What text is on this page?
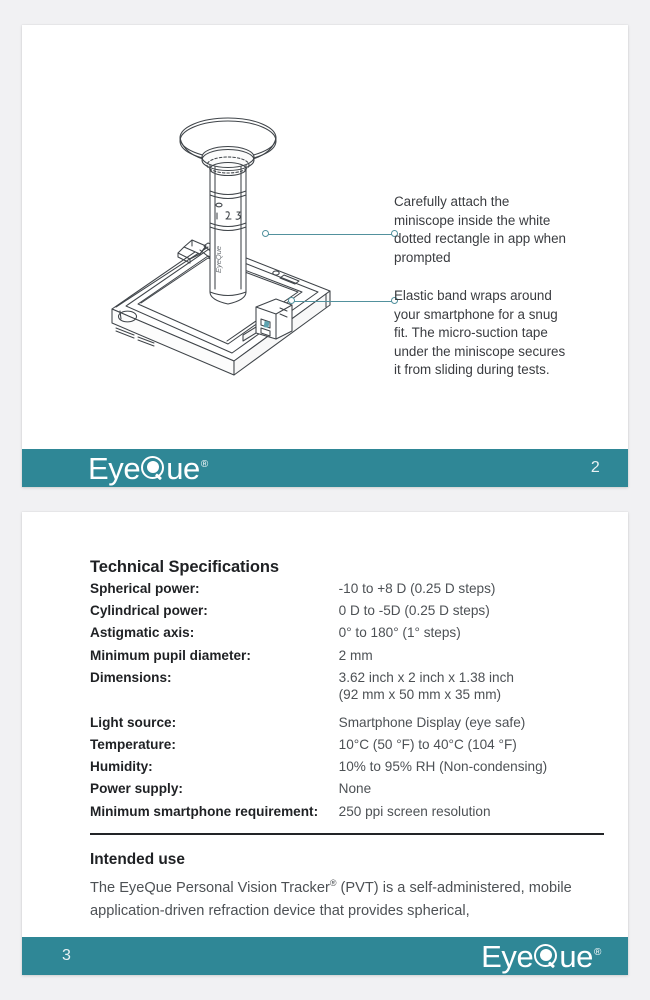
EyeQue
Carefully attach the miniscope inside the white dotted rectangle in app when prompted
Elastic band wraps around your smartphone for a snug fit. The micro-suction tape under the miniscope secures it from sliding during tests.
Eye ue ®	2
Technical Specifications
Spherical power:	-10 to +8 D (0.25 D steps)
Cylindrical power:	0 D to -5D (0.25 D steps)
Astigmatic axis:	0° to 180° (1° steps)
Minimum pupil diameter:	2 mm
Dimensions:	3.62 inch x 2 inch x 1.38 inch
(92 mm x 50 mm x 35 mm)

Light source:	Smartphone Display (eye safe)
Temperature:	10°C (50 °F) to 40°C (104 °F)
Humidity:	10% to 95% RH (Non-condensing)
Power supply:	None
Minimum smartphone requirement:	250 ppi screen resolution
Intended use
The EyeQue Personal Vision Tracker® (PVT) is a self-administered, mobile application-driven refraction device that provides spherical,
3	Eye ue ®
